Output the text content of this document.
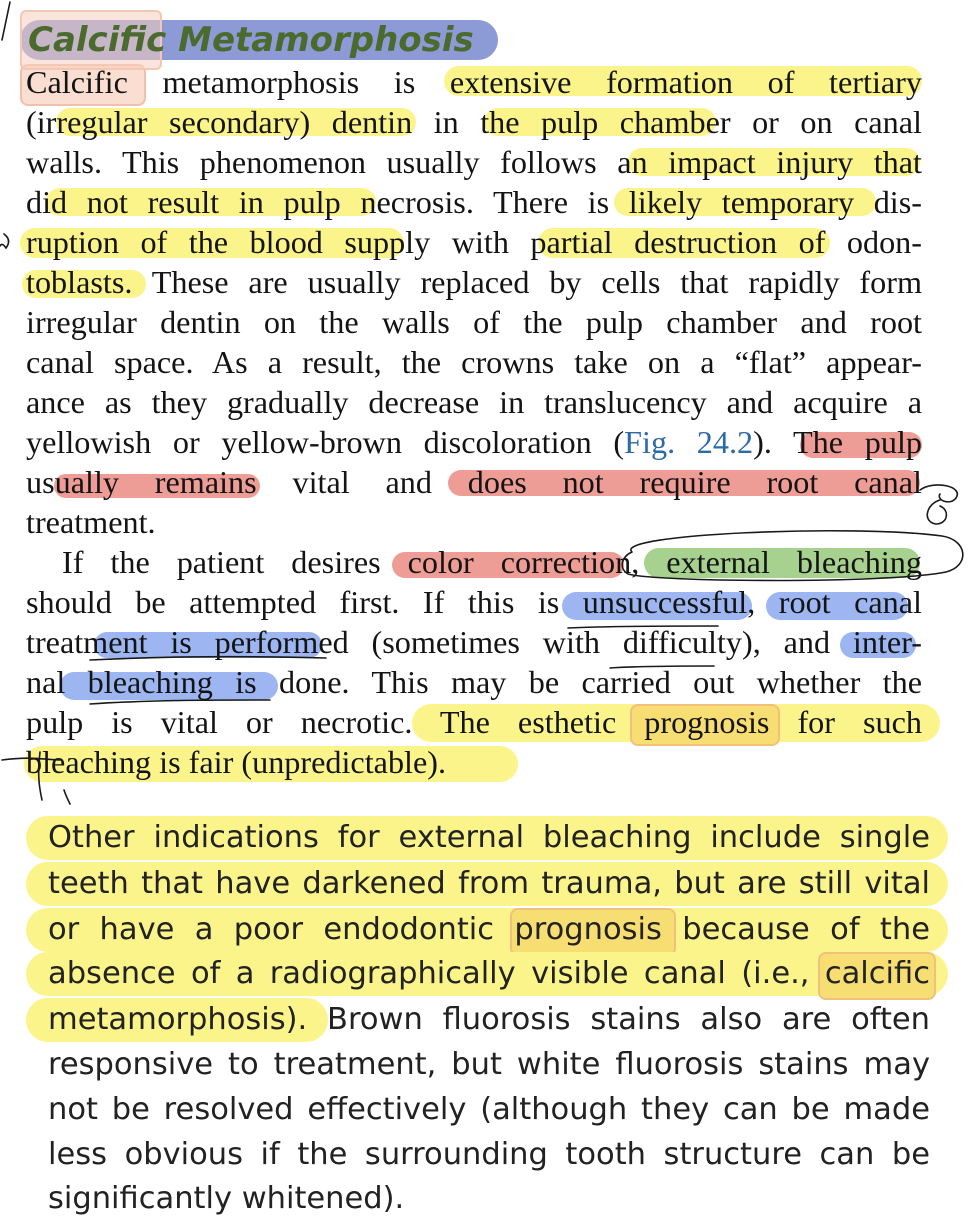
Calcific Metamorphosis
Calcific metamorphosis is extensive formation of tertiary
(irregular secondary) dentin in the pulp chamber or on canal
walls. This phenomenon usually follows an impact injury that
did not result in pulp necrosis. There is likely temporary dis-
ruption of the blood supply with partial destruction of odon-
toblasts. These are usually replaced by cells that rapidly form
irregular dentin on the walls of the pulp chamber and root
canal space. As a result, the crowns take on a “flat” appear-
ance as they gradually decrease in translucency and acquire a
yellowish or yellow-brown discoloration (Fig. 24.2). The pulp
usually remains vital and does not require root canal
treatment.
If the patient desires color correction, external bleaching
should be attempted first. If this is unsuccessful, root canal
treatment is performed (sometimes with difficulty), and inter-
nal bleaching is done. This may be carried out whether the
pulp is vital or necrotic. The esthetic prognosis for such
bleaching is fair (unpredictable).
Other indications for external bleaching include single
teeth that have darkened from trauma, but are still vital
or have a poor endodontic prognosis because of the
absence of a radiographically visible canal (i.e., calcific
metamorphosis). Brown fluorosis stains also are often
responsive to treatment, but white fluorosis stains may
not be resolved effectively (although they can be made
less obvious if the surrounding tooth structure can be
significantly whitened).
